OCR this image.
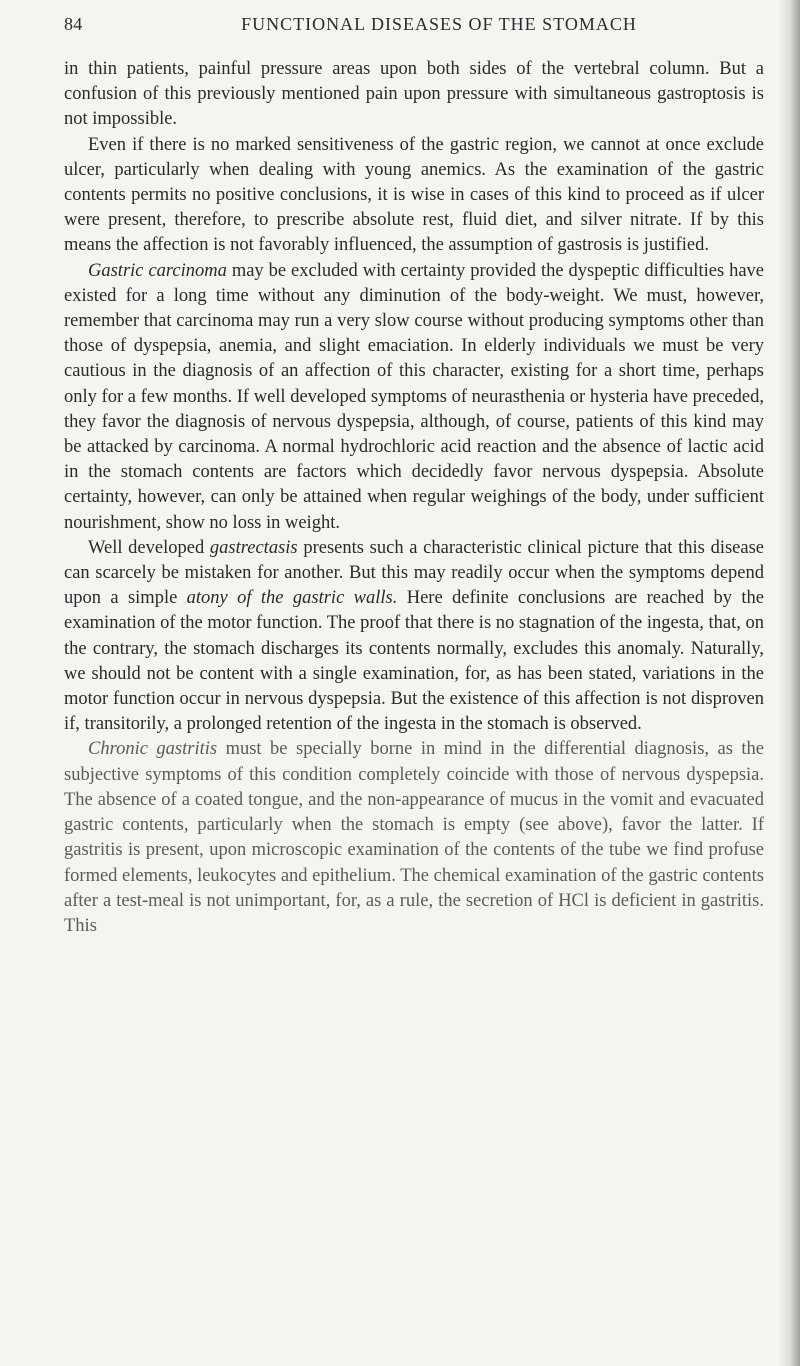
84	FUNCTIONAL DISEASES OF THE STOMACH

in thin patients, painful pressure areas upon both sides of the vertebral column. But a confusion of this previously mentioned pain upon pressure with simultaneous gastroptosis is not impossible.

Even if there is no marked sensitiveness of the gastric region, we cannot at once exclude ulcer, particularly when dealing with young anemics. As the examination of the gastric contents permits no positive conclusions, it is wise in cases of this kind to proceed as if ulcer were present, therefore, to prescribe absolute rest, fluid diet, and silver nitrate. If by this means the affection is not favorably influenced, the assumption of gastrosis is justified.

Gastric carcinoma may be excluded with certainty provided the dyspeptic difficulties have existed for a long time without any diminution of the body-weight. We must, however, remember that carcinoma may run a very slow course without producing symptoms other than those of dyspepsia, anemia, and slight emaciation. In elderly individuals we must be very cautious in the diagnosis of an affection of this character, existing for a short time, perhaps only for a few months. If well developed symptoms of neurasthenia or hysteria have preceded, they favor the diagnosis of nervous dyspepsia, although, of course, patients of this kind may be attacked by carcinoma. A normal hydrochloric acid reaction and the absence of lactic acid in the stomach contents are factors which decidedly favor nervous dyspepsia. Absolute certainty, however, can only be attained when regular weighings of the body, under sufficient nourishment, show no loss in weight.

Well developed gastrectasis presents such a characteristic clinical picture that this disease can scarcely be mistaken for another. But this may readily occur when the symptoms depend upon a simple atony of the gastric walls. Here definite conclusions are reached by the examination of the motor function. The proof that there is no stagnation of the ingesta, that, on the contrary, the stomach discharges its contents normally, excludes this anomaly. Naturally, we should not be content with a single examination, for, as has been stated, variations in the motor function occur in nervous dyspepsia. But the existence of this affection is not disproven if, transitorily, a prolonged retention of the ingesta in the stomach is observed.

Chronic gastritis must be specially borne in mind in the differential diagnosis, as the subjective symptoms of this condition completely coincide with those of nervous dyspepsia. The absence of a coated tongue, and the non-appearance of mucus in the vomit and evacuated gastric contents, particularly when the stomach is empty (see above), favor the latter. If gastritis is present, upon microscopic examination of the contents of the tube we find profuse formed elements, leukocytes and epithelium. The chemical examination of the gastric contents after a test-meal is not unimportant, for, as a rule, the secretion of HCl is deficient in gastritis. This
